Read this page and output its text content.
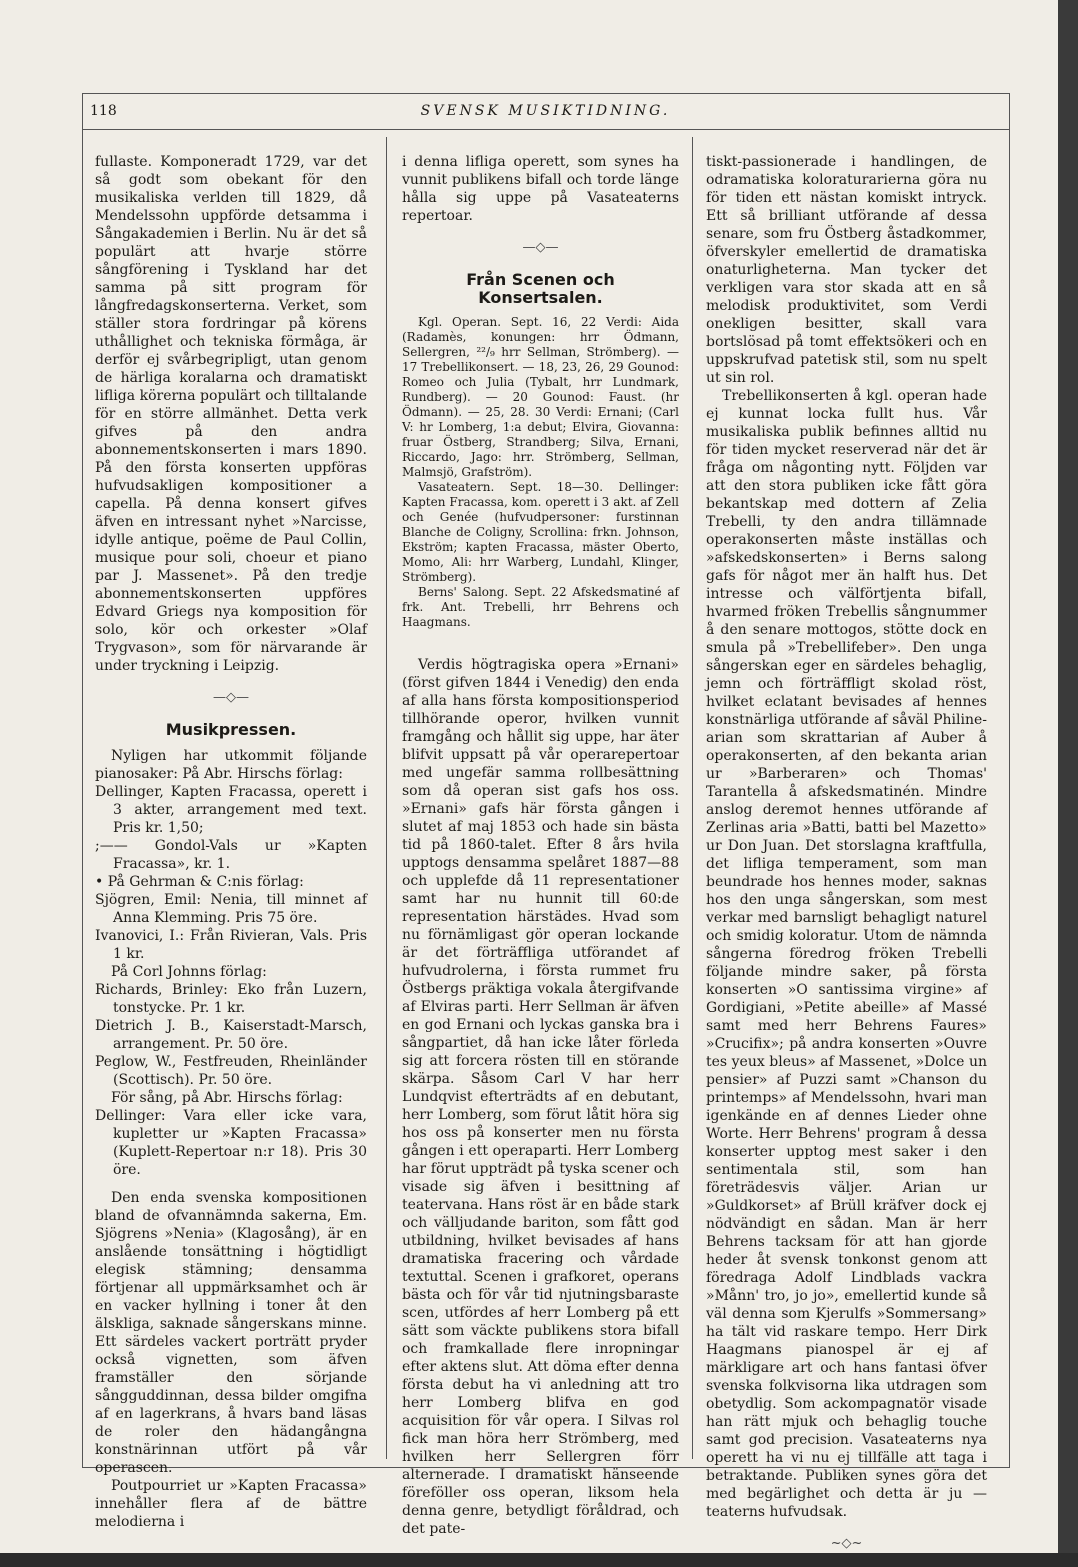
118	SVENSK MUSIKTIDNING.

fullaste. Komponeradt 1729, var det så godt som obekant för den musikaliska verlden till 1829, då Mendelssohn uppförde detsamma i Sångakademien i Berlin. Nu är det så populärt att hvarje större sångförening i Tyskland har det samma på sitt program för långfredagskonserterna. Verket, som ställer stora fordringar på körens uthållighet och tekniska förmåga, är derför ej svårbegripligt, utan genom de härliga koralarna och dramatiskt lifliga körerna populärt och tilltalande för en större allmänhet. Detta verk gifves på den andra abonnementskonserten i mars 1890. På den första konserten uppföras hufvudsakligen kompositioner a capella. På denna konsert gifves äfven en intressant nyhet »Narcisse, idylle antique, poëme de Paul Collin, musique pour soli, choeur et piano par J. Massenet». På den tredje abonnementskonserten uppföres Edvard Griegs nya komposition för solo, kör och orkester »Olaf Trygvason», som för närvarande är under tryckning i Leipzig.

—◇—
Musikpressen.

Nyligen har utkommit följande pianosaker: På Abr. Hirschs förlag:

Dellinger, Kapten Fracassa, operett i 3 akter, arrangement med text. Pris kr. 1,50;

;—— Gondol-Vals ur »Kapten Fracassa», kr. 1.

• På Gehrman & C:nis förlag:

Sjögren, Emil: Nenia, till minnet af Anna Klemming. Pris 75 öre.

Ivanovici, I.: Från Rivieran, Vals. Pris 1 kr.

På Corl Johnns förlag:

Richards, Brinley: Eko från Luzern, tonstycke. Pr. 1 kr.

Dietrich J. B., Kaiserstadt-Marsch, arrangement. Pr. 50 öre.

Peglow, W., Festfreuden, Rheinländer (Scottisch). Pr. 50 öre.

För sång, på Abr. Hirschs förlag:

Dellinger: Vara eller icke vara, kupletter ur »Kapten Fracassa» (Kuplett-Repertoar n:r 18). Pris 30 öre.

Den enda svenska kompositionen bland de ofvannämnda sakerna, Em. Sjögrens »Nenia» (Klagosång), är en anslående tonsättning i högtidligt elegisk stämning; densamma förtjenar all uppmärksamhet och är en vacker hyllning i toner åt den älskliga, saknade sångerskans minne. Ett särdeles vackert porträtt pryder också vignetten, som äfven framställer den sörjande sångguddinnan, dessa bilder omgifna af en lagerkrans, å hvars band läsas de roler den hädangångna konstnärinnan utfört på vår operascen.

Poutpourriet ur »Kapten Fracassa» innehåller flera af de bättre melodierna i

i denna lifliga operett, som synes ha vunnit publikens bifall och torde länge hålla sig uppe på Vasateaterns repertoar.

—◇—
Från Scenen och Konsertsalen.

Kgl. Operan. Sept. 16, 22 Verdi: Aida (Radamès, konungen: hrr Ödmann, Sellergren, ²²/₉ hrr Sellman, Strömberg). — 17 Trebellikonsert. — 18, 23, 26, 29 Gounod: Romeo och Julia (Tybalt, hrr Lundmark, Rundberg). — 20 Gounod: Faust. (hr Ödmann). — 25, 28. 30 Verdi: Ernani; (Carl V: hr Lomberg, 1:a debut; Elvira, Giovanna: fruar Östberg, Strandberg; Silva, Ernani, Riccardo, Jago: hrr. Strömberg, Sellman, Malmsjö, Grafström).

Vasateatern. Sept. 18—30. Dellinger: Kapten Fracassa, kom. operett i 3 akt. af Zell och Genée (hufvudpersoner: furstinnan Blanche de Coligny, Scrollina: frkn. Johnson, Ekström; kapten Fracassa, mäster Oberto, Momo, Ali: hrr Warberg, Lundahl, Klinger, Strömberg).

Berns' Salong. Sept. 22 Afskedsmatiné af frk. Ant. Trebelli, hrr Behrens och Haagmans.

Verdis högtragiska opera »Ernani» (först gifven 1844 i Venedig) den enda af alla hans första kompositionsperiod tillhörande operor, hvilken vunnit framgång och hållit sig uppe, har äter blifvit uppsatt på vår operarepertoar med ungefär samma rollbesättning som då operan sist gafs hos oss. »Ernani» gafs här första gången i slutet af maj 1853 och hade sin bästa tid på 1860-talet. Efter 8 års hvila upptogs densamma spelåret 1887—88 och upplefde då 11 representationer samt har nu hunnit till 60:de representation härstädes. Hvad som nu förnämligast gör operan lockande är det förträffliga utförandet af hufvudrolerna, i första rummet fru Östbergs präktiga vokala återgifvande af Elviras parti. Herr Sellman är äfven en god Ernani och lyckas ganska bra i sångpartiet, då han icke låter förleda sig att forcera rösten till en störande skärpa. Såsom Carl V har herr Lundqvist efterträdts af en debutant, herr Lomberg, som förut låtit höra sig hos oss på konserter men nu första gången i ett operaparti. Herr Lomberg har förut uppträdt på tyska scener och visade sig äfven i besittning af teatervana. Hans röst är en både stark och välljudande bariton, som fått god utbildning, hvilket bevisades af hans dramatiska fracering och vårdade textuttal. Scenen i grafkoret, operans bästa och för vår tid njutningsbaraste scen, utfördes af herr Lomberg på ett sätt som väckte publikens stora bifall och framkallade flere inropningar efter aktens slut. Att döma efter denna första debut ha vi anledning att tro herr Lomberg blifva en god acquisition för vår opera. I Silvas rol fick man höra herr Strömberg, med hvilken herr Sellergren förr alternerade. I dramatiskt hänseende föreföller oss operan, liksom hela denna genre, betydligt föråldrad, och det pate-

tiskt-passionerade i handlingen, de odramatiska koloraturarierna göra nu för tiden ett nästan komiskt intryck. Ett så brilliant utförande af dessa senare, som fru Östberg åstadkommer, öfverskyler emellertid de dramatiska onaturligheterna. Man tycker det verkligen vara stor skada att en så melodisk produktivitet, som Verdi onekligen besitter, skall vara bortslösad på tomt effektsökeri och en uppskrufvad patetisk stil, som nu spelt ut sin rol.

Trebellikonserten å kgl. operan hade ej kunnat locka fullt hus. Vår musikaliska publik befinnes alltid nu för tiden mycket reserverad när det är fråga om någonting nytt. Följden var att den stora publiken icke fått göra bekantskap med dottern af Zelia Trebelli, ty den andra tillämnade operakonserten måste inställas och »afskedskonserten» i Berns salong gafs för något mer än halft hus. Det intresse och välförtjenta bifall, hvarmed fröken Trebellis sångnummer å den senare mottogos, stötte dock en smula på »Trebellifeber». Den unga sångerskan eger en särdeles behaglig, jemn och förträffligt skolad röst, hvilket eclatant bevisades af hennes konstnärliga utförande af såväl Philine-arian som skrattarian af Auber å operakonserten, af den bekanta arian ur »Barberaren» och Thomas' Tarantella å afskedsmatinén. Mindre anslog deremot hennes utförande af Zerlinas aria »Batti, batti bel Mazetto» ur Don Juan. Det storslagna kraftfulla, det lifliga temperament, som man beundrade hos hennes moder, saknas hos den unga sångerskan, som mest verkar med barnsligt behagligt naturel och smidig koloratur. Utom de nämnda sångerna föredrog fröken Trebelli följande mindre saker, på första konserten »O santissima virgine» af Gordigiani, »Petite abeille» af Massé samt med herr Behrens Faures» »Crucifix»; på andra konserten »Ouvre tes yeux bleus» af Massenet, »Dolce un pensier» af Puzzi samt »Chanson du printemps» af Mendelssohn, hvari man igenkände en af dennes Lieder ohne Worte. Herr Behrens' program å dessa konserter upptog mest saker i den sentimentala stil, som han företrädesvis väljer. Arian ur »Guldkorset» af Brüll kräfver dock ej nödvändigt en sådan. Man är herr Behrens tacksam för att han gjorde heder åt svensk tonkonst genom att föredraga Adolf Lindblads vackra »Månn' tro, jo jo», emellertid kunde så väl denna som Kjerulfs »Sommersang» ha tält vid raskare tempo. Herr Dirk Haagmans pianospel är ej af märkligare art och hans fantasi öfver svenska folkvisorna lika utdragen som obetydlig. Som ackompagnatör visade han rätt mjuk och behaglig touche samt god precision. Vasateaterns nya operett ha vi nu ej tillfälle att taga i betraktande. Publiken synes göra det med begärlighet och detta är ju — teaterns hufvudsak.

~◇~
